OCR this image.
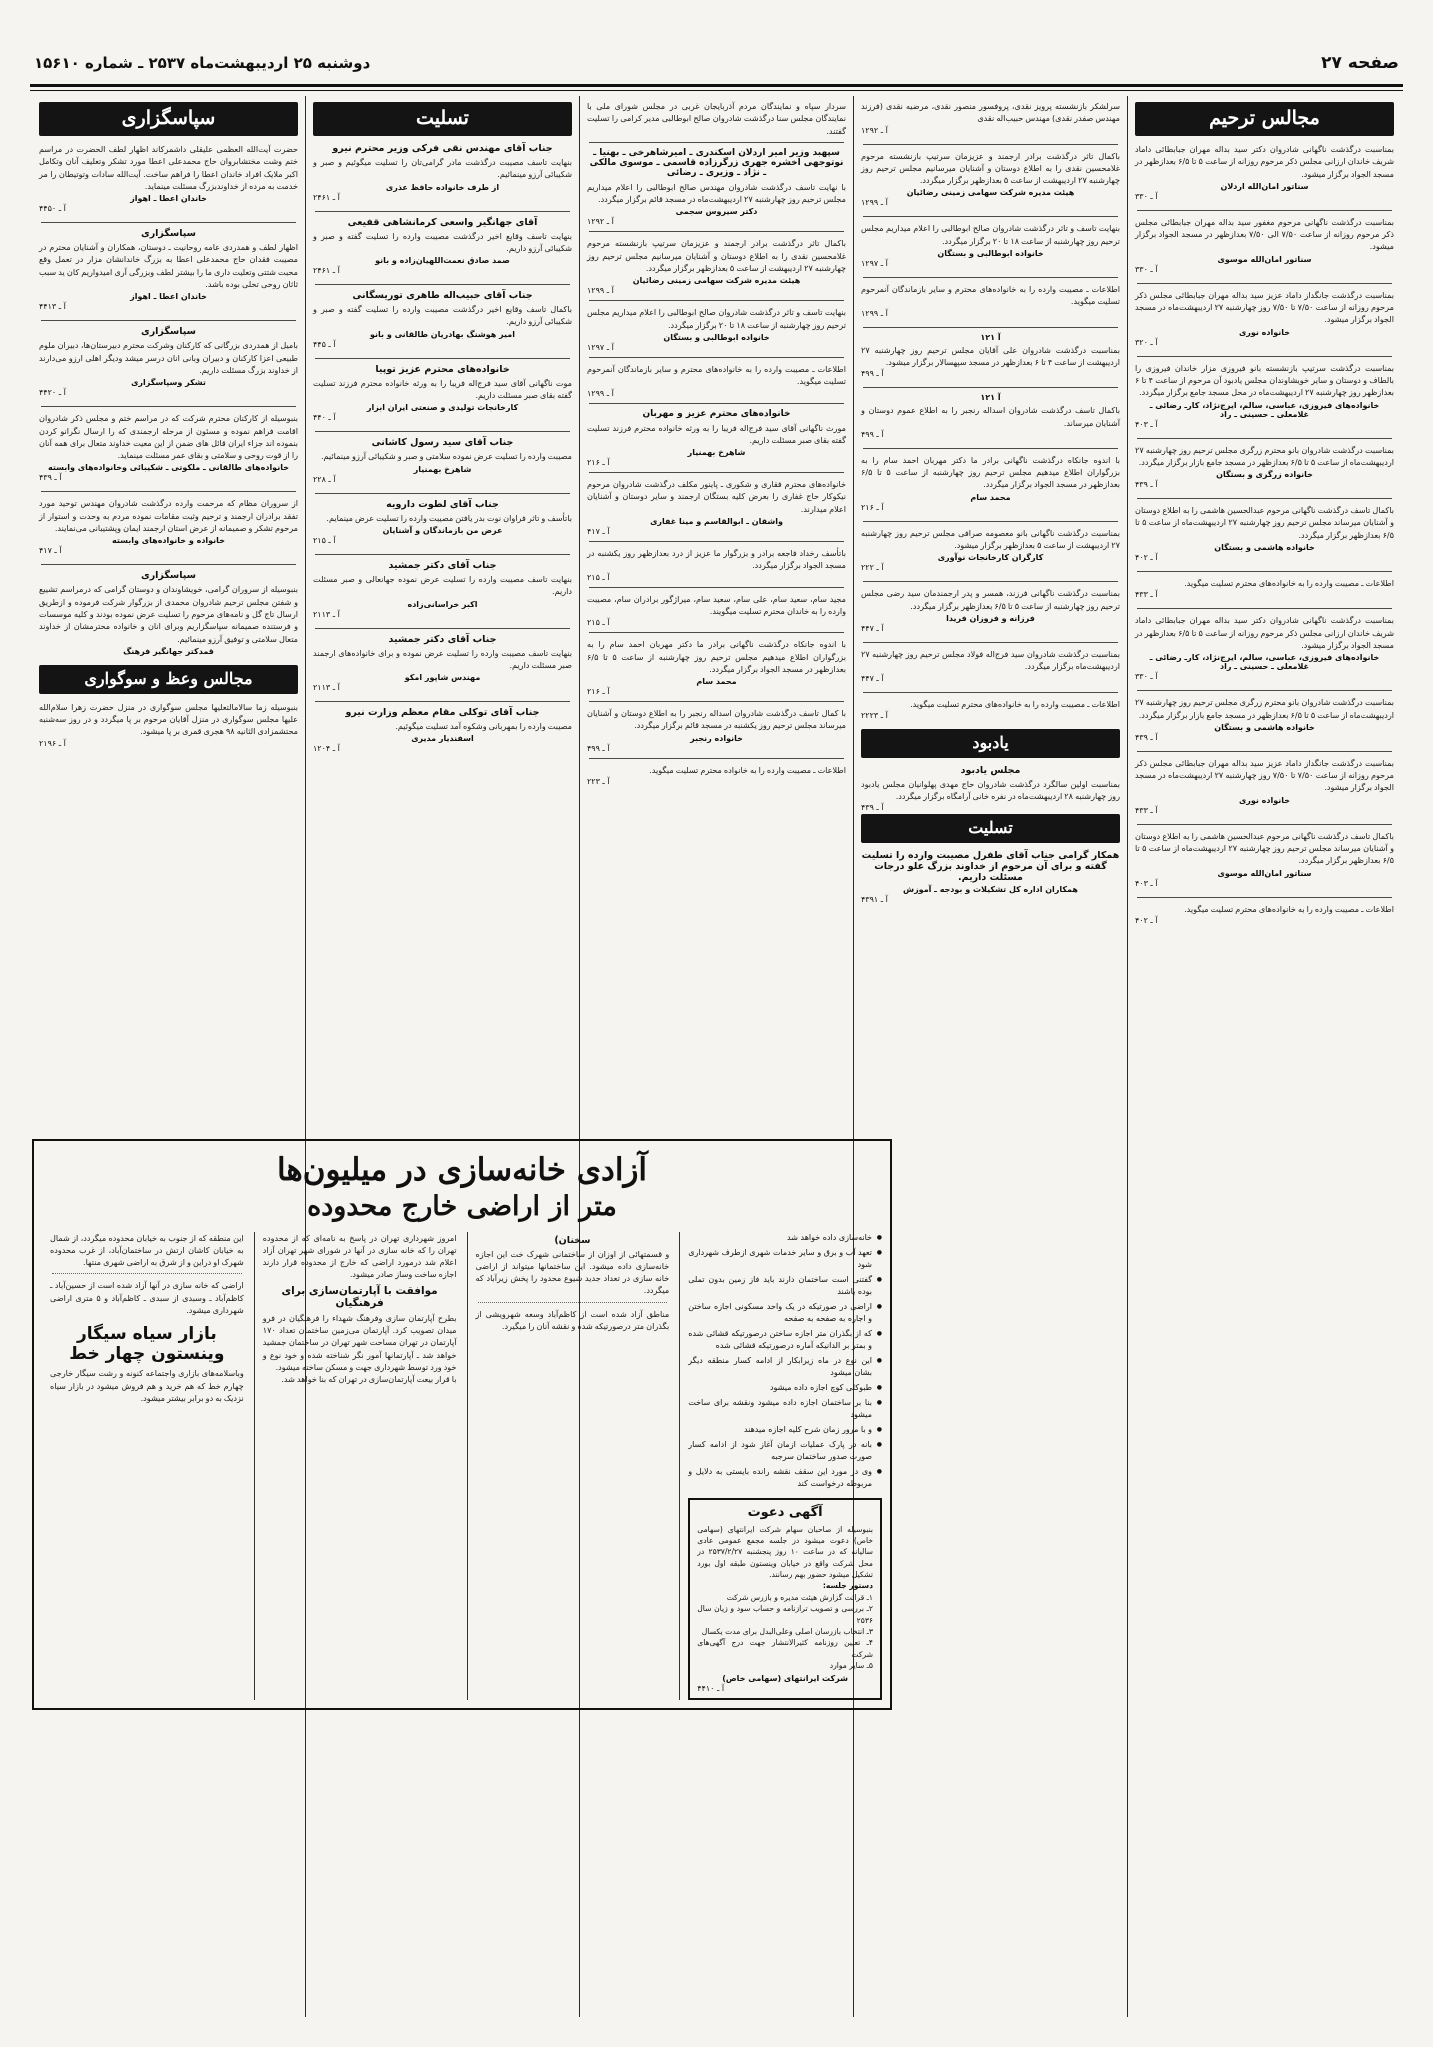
صفحه ۲۷
دوشنبه ۲۵ اردیبهشت‌ماه ۲۵۳۷ ـ شماره ۱۵۶۱۰
مجالس ترحیم
بمناسبت درگذشت ناگهانی شادروان دکتر سید بداله مهران جبابطائی داماد شریف خاندان ارزانی مجلس ذکر مرحوم روزانه از ساعت ۵ تا ۶/۵ بعدازظهر در مسجد الجواد برگزار میشود.
سناتور امان‌الله اردلان
آ ـ ۳۳۰
بمناسبت درگذشت ناگهانی مرحوم مغفور سید بداله مهران جبابطائی مجلس ذکر مرحوم روزانه از ساعت ۷/۵۰ الی ۷/۵۰ بعدازظهر در مسجد الجواد برگزار میشود.
سناتور امان‌الله موسوی
آ ـ ۳۳۰
بمناسبت درگذشت جانگداز داماد عزیز سید بداله مهران جبابطائی مجلس ذکر مرحوم روزانه از ساعت ۷/۵۰ تا ۷/۵۰ روز چهارشنبه ۲۷ اردیبهشت‌ماه در مسجد الجواد برگزار میشود.
خانواده نوری
آ ـ ۳۲۰
بمناسبت درگذشت سرتیپ بازنشسته بانو فیروزی مزار خاندان فیروزی را بالطاف و دوستان و سایر خویشاوندان مجلس یادبود آن مرحوم از ساعت ۴ تا ۶ بعدازظهر روز چهارشنبه ۲۷ اردیبهشت‌ماه در محل مسجد جامع برگزار میگردد.
خانواده‌های فیروزی، عباسی، سالم، ایرج‌نژاد، کارـ رضائی ـ غلامعلی ـ حسینی ـ راد
آ ـ ۴۰۳
بمناسبت درگذشت شادروان بانو محترم زرگری مجلس ترحیم روز چهارشنبه ۲۷ اردیبهشت‌ماه از ساعت ۵ تا ۶/۵ بعدازظهر در مسجد جامع بازار برگزار میگردد.
خانواده زرگری و بستگان
آ ـ ۴۳۹
باکمال تاسف درگذشت ناگهانی مرحوم عبدالحسین هاشمی را به اطلاع دوستان و آشنایان میرساند مجلس ترحیم روز چهارشنبه ۲۷ اردیبهشت‌ماه از ساعت ۵ تا ۶/۵ بعدازظهر برگزار میگردد.
خانواده هاشمی و بستگان
آ ـ ۴۰۲
اطلاعات ـ مصیبت وارده را به خانواده‌های محترم تسلیت میگوید.
آ ـ ۴۳۳
بمناسبت درگذشت ناگهانی شادروان دکتر سید بداله مهران جبابطائی داماد شریف خاندان ارزانی مجلس ذکر مرحوم روزانه از ساعت ۵ تا ۶/۵ بعدازظهر در مسجد الجواد برگزار میشود.
خانواده‌های فیروزی، عباسی، سالم، ایرج‌نژاد، کارـ رضائی ـ غلامعلی ـ حسینی ـ راد
آ ـ ۳۳۰
بمناسبت درگذشت شادروان بانو محترم زرگری مجلس ترحیم روز چهارشنبه ۲۷ اردیبهشت‌ماه از ساعت ۵ تا ۶/۵ بعدازظهر در مسجد جامع بازار برگزار میگردد.
خانواده هاشمی و بستگان
آ ـ ۴۳۹
بمناسبت درگذشت جانگداز داماد عزیز سید بداله مهران جبابطائی مجلس ذکر مرحوم روزانه از ساعت ۷/۵۰ تا ۷/۵۰ روز چهارشنبه ۲۷ اردیبهشت‌ماه در مسجد الجواد برگزار میشود.
خانواده نوری
آ ـ ۴۳۳
باکمال تاسف درگذشت ناگهانی مرحوم عبدالحسین هاشمی را به اطلاع دوستان و آشنایان میرساند مجلس ترحیم روز چهارشنبه ۲۷ اردیبهشت‌ماه از ساعت ۵ تا ۶/۵ بعدازظهر برگزار میگردد.
سناتور امان‌الله موسوی
آ ـ ۴۰۳
اطلاعات ـ مصیبت وارده را به خانواده‌های محترم تسلیت میگوید.
آ ـ ۴۰۲
سرلشکر بازنشسته پرویز نقدی، پروفسور منصور نقدی، مرضیه نقدی (فرزند مهندس صفدر نقدی) مهندس حبیب‌اله نقدی
آ ـ ۱۲۹۲
باکمال تاثر درگذشت برادر ارجمند و عزیزمان سرتیپ بازنشسته مرحوم غلامحسین نقدی را به اطلاع دوستان و آشنایان میرسانیم مجلس ترحیم روز چهارشنبه ۲۷ اردیبهشت از ساعت ۵ بعدازظهر برگزار میگردد.
هیئت مدیره شرکت سهامی زمینی رضائیان
آ ـ ۱۲۹۹
بنهایت تاسف و تاثر درگذشت شادروان صالح ابوطالبی را اعلام میداریم مجلس ترحیم روز چهارشنبه از ساعت ۱۸ تا ۲۰ برگزار میگردد.
خانواده ابوطالبی و بستگان
آ ـ ۱۲۹۷
اطلاعات ـ مصیبت وارده را به خانواده‌های محترم و سایر بازماندگان آنمرحوم تسلیت میگوید.
آ ـ ۱۲۹۹
آ ۱۲۱
بمناسبت درگذشت شادروان علی آقایان مجلس ترحیم روز چهارشنبه ۲۷ اردیبهشت از ساعت ۴ تا ۶ بعدازظهر در مسجد سپهسالار برگزار میشود.
آ ـ ۴۹۹
آ ۱۲۱
باکمال تاسف درگذشت شادروان اسداله رنجبر را به اطلاع عموم دوستان و آشنایان میرساند.
آ ـ ۴۹۹
با اندوه جانکاه درگذشت ناگهانی برادر ما دکتر مهربان احمد سام را به بزرگواران اطلاع میدهیم مجلس ترحیم روز چهارشنبه از ساعت ۵ تا ۶/۵ بعدازظهر در مسجد الجواد برگزار میگردد.
محمد سام
آ ـ ۲۱۶
بمناسبت درگذشت ناگهانی بانو معصومه صرافی مجلس ترحیم روز چهارشنبه ۲۷ اردیبهشت از ساعت ۵ بعدازظهر برگزار میشود.
کارگران کارخانجات نوآوری
آ ـ ۲۲۲
بمناسبت درگذشت ناگهانی فرزند، همسر و پدر ارجمندمان سید رضی مجلس ترحیم روز چهارشنبه از ساعت ۵ تا ۶/۵ بعدازظهر برگزار میگردد.
فرزانه و فروزان فریدا
آ ـ ۴۴۷
بمناسبت درگذشت شادروان سید فرج‌اله فولاد مجلس ترحیم روز چهارشنبه ۲۷ اردیبهشت‌ماه برگزار میگردد.
آ ـ ۴۴۷
اطلاعات ـ مصیبت وارده را به خانواده‌های محترم تسلیت میگوید.
آ ـ ۲۲۲۳
یادبود
مجلس یادبود
بمناسبت اولین سالگرد درگذشت شادروان حاج مهدی پهلوانیان مجلس یادبود روز چهارشنبه ۲۸ اردیبهشت‌ماه در نفره خانی آرامگاه برگزار میگردد.
آ ـ ۴۳۹
تسلیت
همکار گرامی جناب آقای طفرل مصیبت وارده را تسلیت گفته و برای آن مرحوم از خداوند بزرگ علو درجات مسئلت داریم.
همکاران اداره کل تشکیلات و بودجه ـ آموزش
آ ـ ۴۳۹۱
سردار سپاه و نمایندگان مردم آذربایجان غربی در مجلس شورای ملی با نمایندگان مجلس سنا درگذشت شادروان صالح ابوطالبی مدیر کرامی را تسلیت گفتند.
سپهبد وزیر امیر اردلان اسکندری ـ امیرشاهرخی ـ بهنیا ـ نوتوجهی اخشره جهری زرگرزاده قاسمی ـ موسوی مالکی ـ نژاد ـ وزیری ـ رضائی
با نهایت تاسف درگذشت شادروان مهندس صالح ابوطالبی را اعلام میداریم مجلس ترحیم روز چهارشنبه ۲۷ اردیبهشت‌ماه در مسجد قائم برگزار میگردد.
دکتر سیروس سجمی
آ ـ ۱۲۹۲
باکمال تاثر درگذشت برادر ارجمند و عزیزمان سرتیپ بازنشسته مرحوم غلامحسین نقدی را به اطلاع دوستان و آشنایان میرسانیم مجلس ترحیم روز چهارشنبه ۲۷ اردیبهشت از ساعت ۵ بعدازظهر برگزار میگردد.
هیئت مدیره شرکت سهامی زمینی رضائیان
آ ـ ۱۲۹۹
بنهایت تاسف و تاثر درگذشت شادروان صالح ابوطالبی را اعلام میداریم مجلس ترحیم روز چهارشنبه از ساعت ۱۸ تا ۲۰ برگزار میگردد.
خانواده ابوطالبی و بستگان
آ ـ ۱۲۹۷
اطلاعات ـ مصیبت وارده را به خانواده‌های محترم و سایر بازماندگان آنمرحوم تسلیت میگوید.
آ ـ ۱۲۹۹
خانواده‌های محترم عزیز و مهربان
مورث ناگهانی آقای سید فرج‌اله فریبا را به ورثه خانواده محترم فرزند تسلیت گفته بقای صبر مسئلت داریم.
شاهرخ بهمنیار
آ ـ ۲۱۶
خانواده‌های محترم فقاری و شکوری ـ پاینور مکلف درگذشت شادروان مرحوم نیکوکار حاج غفاری را بعرض کلیه بستگان ارجمند و سایر دوستان و آشنایان اعلام میدارند.
واشقان ـ ابوالقاسم و مینا غفاری
آ ـ ۴۱۷
باتأسف رخداد فاجعه برادر و بزرگوار ما عزیز از درد بعدازظهر روز یکشنبه در مسجد الجواد برگزار میگردد.
آ ـ ۲۱۵
مجید سام، سعید سام، علی سام، سعید سام، میراژگور برادران سام، مصیبت وارده را به خاندان محترم تسلیت میگویند.
آ ـ ۲۱۵
با اندوه جانکاه درگذشت ناگهانی برادر ما دکتر مهربان احمد سام را به بزرگواران اطلاع میدهیم مجلس ترحیم روز چهارشنبه از ساعت ۵ تا ۶/۵ بعدازظهر در مسجد الجواد برگزار میگردد.
محمد سام
آ ـ ۲۱۶
با کمال تاسف درگذشت شادروان اسداله رنجبر را به اطلاع دوستان و آشنایان میرساند مجلس ترحیم روز یکشنبه در مسجد قائم برگزار میگردد.
خانواده رنجبر
آ ـ ۴۹۹
اطلاعات ـ مصیبت وارده را به خانواده محترم تسلیت میگوید.
آ ـ ۲۲۳
تسلیت
جناب آقای مهندس نقی فرکی وزیر محترم نیرو
بنهایت تاسف مصیبت درگذشت مادر گرامی‌تان را تسلیت میگوئیم و صبر و شکیبائی آرزو مینمائیم.
از طرف خانواده حافظ عذری
آ ـ ۲۴۶۱
آقای جهانگیر واسعی کرمانشاهی قفیعی
بنهایت تاسف وقایع اخیر درگذشت مصیبت وارده را تسلیت گفته و صبر و شکیبائی آرزو داریم.
صمد صادق نعمت‌اللهیان‌زاده و بانو
آ ـ ۲۴۶۱
جناب آقای حبیب‌اله طاهری توریسگانی
باکمال تاسف وقایع اخیر درگذشت مصیبت وارده را تسلیت گفته و صبر و شکیبائی آرزو داریم.
امیر هوشنگ بهادریان طالقانی و بانو
آ ـ ۴۴۵
خانواده‌های محترم عزیز توپیا
موت ناگهانی آقای سید فرج‌اله فریبا را به ورثه خانواده محترم فرزند تسلیت گفته بقای صبر مسئلت داریم.
کارخانجات تولیدی و صنعتی ایران ابزار
آ ـ ۴۴۰
جناب آقای سید رسول کاشانی
مصیبت وارده را تسلیت عرض نموده سلامتی و صبر و شکیبائی آرزو مینمائیم.
شاهرخ بهمنیار
آ ـ ۲۲۸
جناب آقای لطوت دارویه
باتأسف و تاثر فراوان نوت بدر یافتن مصیبت وارده را تسلیت عرض مینمایم.
عرض من بازماندگان و آشنایان
آ ـ ۲۱۵
جناب آقای دکتر جمشید
بنهایت تاسف مصیبت وارده را تسلیت عرض نموده جهانعالی و صبر مسئلت داریم.
اکبر خراسانی‌زاده
آ ـ ۲۱۱۳
جناب آقای دکتر جمشید
بنهایت تاسف مصیبت وارده را تسلیت عرض نموده و برای خانواده‌های ارجمند صبر مسئلت داریم.
مهندس شاپور امکو
آ ـ ۲۱۱۳
جناب آقای توکلی مقام معظم وزارت نیرو
مصیبت وارده را بمهربانی وشکوه آمد تسلیت میگوئیم.
اسفندیار مدیری
آ ـ ۱۲۰۴
سپاسگزاری
حضرت آیت‌الله العظمی علیقلی داشمرکاند اظهار لطف الحضرت در مراسم ختم وشت مختشابروان حاج محمدعلی اعطا مورد تشکر وتعلیف آنان وتکامل اکبر ملایک افراد خاندان اعطا را فراهم ساخت. آیت‌الله سادات وتوتیطان را مر خدمت به مرده از خداوندبزرگ مسئلت مینماید.
خاندان اعطا ـ اهواز
آ ـ ۴۴۵۰
سپاسگزاری
اظهار لطف و همدردی عامه روحانیت ـ دوستان، همکاران و آشنایان محترم در مصیبت فقدان حاج محمدعلی اعطا به بزرگ خاندانشان مزار در تعمل وقع محبت شتتی وتعلیت داری ما را بیشتر لطف وبزرگی آری امیدواریم کان ید سبب ثاثان روحی تحلی بوده باشد.
خاندان اعطا ـ اهواز
آ ـ ۴۴۱۳
سپاسگزاری
بامیل از همدردی بزرگانی که کارکنان وشرکت محترم دبیرستان‌ها، دبیران ملوم طبیعی اعزا کارکنان و دبیران وبانی انان درسر میشد ودیگر اهلی ارزو می‌دارند از خداوند بزرگ مسئلت داریم.
تشکر وسپاسگزاری
آ ـ ۴۴۲۰
بنبوسیله از کارکنان محترم شرکت که در مراسم ختم و مجلس ذکر شادروان اقامت فراهم نموده و مسئون از مرحله ارجمندی که را ارسال نگرانو کردن بنموده اند جزاء ایران قائل های ضمن از این معیت خداوند متعال برای همه آنان را از قوت روحی و سلامتی و بقای عمر مسئلت مینماید.
خانواده‌های طالقانی ـ ملکوتی ـ شکیبائی وخانواده‌های وابسته
آ ـ ۴۳۹
از سروران مظام که مرحمت وارده درگذشت شادروان مهندس توحید مورد تفقد برادران ارجمند و ترحیم وثبت مقامات نموده مردم به وحدت و استوار از مرحوم تشکر و صمیمانه از عرض استان ارجمند ایمان وپشتیبانی می‌نمایند.
خانواده و خانواده‌های وابسته
آ ـ ۴۱۷
سپاسگزاری
بنبوسیله از سروران گرامی، خویشاوندان و دوستان گرامی که درمراسم تشییع و شفتن مجلس ترحیم شادروان محمدی از بزرگوار شرکت فرموده و ازطریق ارسال تاج گل و نامه‌های مرحوم را تسلیت عرض نموده بودند و کلیه موسسات و فرستنده صمیمانه سپاسگزاریم وبرای انان و خانواده محترمشان از خداوند متعال سلامتی و توفیق آرزو مینمائیم.
قمدکتر جهانگیر فرهنگ
مجالس وعظ و سوگواری
بنبوسیله زما سالامالتعلیها مجلس سوگواری در منزل حضرت زهرا سلام‌الله علیها مجلس سوگواری در منزل آقایان مرحوم بر پا میگردد و در روز سه‌شنبه محتشمزادی الثانیه ۹۸ هجری قمری بر پا میشود.
آ ـ ۲۱۹۶
آزادی خانه‌سازی در میلیون‌ها
متر از اراضی خارج محدوده
● خانه‌سازی داده خواهد شد
● تعهد آب و برق و سایر خدمات شهری ازطرف شهرداری شود
● گفتنی است ساختمان دارند باید فاز زمین بدون تملی بوده باشند
● اراضی در صورتیکه در یک واحد مسکونی اجازه ساختن و اجاره به صفحه به صفحه
● که از بگذران متر اجازه ساختن درصورتیکه قشائی شده و بمتر بر الدانیکه آماره درصورتیکه قشائی شده
● این نوع در ماه زیرابکار از ادامه کسار منطقه دیگر بشان میشود
● طبوکلی کوچ اجازه داده میشود
● بنا بر ساختمان اجازه داده میشود ونقشه برای ساخت میشود
● و با مرور زمان شرح کلیه اجازه میدهند
● بانه در پارک عملیات ازمان آغاز شود از ادامه کسار صورت صدور ساختمان سرجبه
● وی در مورد این سقف نقشه رانده بایستی به دلایل و مربوطه درخواست کند
آگهی دعوت
بنبوسیله از صاحبان سهام شرکت ایرانتهای (سهامی خاص) دعوت میشود در جلسه مجمع عمومی عادی سالیانه که در ساعت ۱۰ روز پنجشنبه ۲۵۳۷/۲/۲۷ در محل شرکت واقع در خیابان وینستون طبقه اول بورد تشکیل میشود حضور بهم رسانند.
دستور جلسه:
۱ـ قرائت گزارش هیئت مدیره و بازرس شرکت
۲ـ بررسی و تصویب ترازنامه و حساب سود و زیان سال ۲۵۳۶
۳ـ انتخاب بازرسان اصلی وعلی‌البدل برای مدت یکسال
۴ـ تعیین روزنامه کثیرالانتشار جهت درج آگهی‌های شرکت
۵ـ سایر موارد
شرکت ایرانتهای (سهامی خاص)
آ ـ ۴۴۱۰
سخنان)
و قسمتهائی از اوزان از ساختمانی شهرک خت این اجازه خانه‌سازی داده میشود. این ساختمانها میتواند از اراضی خانه سازی در تعداد جدید شیوع محدود را پخش زیرآباد که میگردد.
مناطق آزاد شده است از کاظم‌آباد وسعه شهرویشی از بگذران متر درصورتیکه شده و نقشه آنان را میگیرد.
امروز شهرداری تهران در پاسخ به نامه‌ای که از محدوده تهران را که خانه سازی در آنها در شورای شهر تهران آزاد اعلام شد درمورد اراضی که خارج از محدوده قرار دارند اجازه ساخت وساز صادر میشود.
موافقت با آپارتمان‌سازی برای فرهنگیان
بطرح آپارتمان سازی وفرهنگ شهداء را فرهنگیان در فرو میدان تصویب کرد. آپارتمان می‌زمین ساختمان تعداد ۱۷۰ آپارتمان در تهران مساحت شهر تهران در ساختمان جمشید خواهد شد ـ آپارتمانها آمور نگر شناخته شده و خود نوع و خود ورد توسط شهرداری جهت و مسکن ساخته میشود.
با قرار بیعت آپارتمان‌سازی در تهران که بنا خواهد شد.
این منطقه که از جنوب به خیابان محدوده میگردد، از شمال به خیابان کاشان ارتش در ساختمان‌آباد، از غرب محدوده شهرک او دراین و از شرق به اراضی شهری منتها.
اراضی که خانه سازی در آنها آزاد شده است از حسین‌آباد ـ کاظم‌آباد ـ وسبدی از سبدی ـ کاظم‌آباد و ۵ متری اراضی شهرداری میشود.
بازار سیاه سیگار وینستون چهار خط
وباسلامه‌های بازاری واجتماعه کنونه و رشت سیگار خارجی چهارم خط که هم خرید و هم فروش میشود در بازار سیاه نزدیک به دو برابر بیشتر میشود.
